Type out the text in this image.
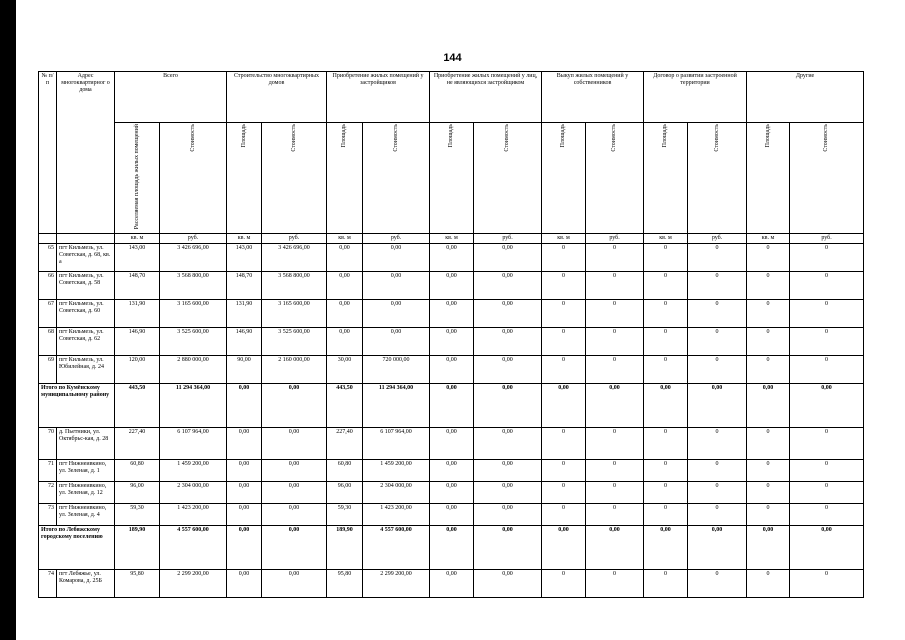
144
№ п/п	Адрес многоквартирног о дома	Всего		Строительство многоквартирных домов		Приобретение жилых помещений у застройщиков		Приобретение жилых помещений у лиц, не являющихся застройщиком		Выкуп жилых помещений у собственников		Договор о развитии застроенной территории		Другие	
		Расселяемая площадь жилых помещений	Стоимость	Площадь	Стоимость	Площадь	Стоимость	Площадь	Стоимость	Площадь	Стоимость	Площадь	Стоимость	Площадь	Стоимость
		кв. м	руб.	кв. м	руб.	кв. м	руб.	кв. м	руб.	кв. м	руб.	кв. м	руб.	кв. м	руб.
65	пгт Кильмезь, ул. Советская, д. 68, кв. а	143,00	3 426 696,00	143,00	3 426 696,00	0,00	0,00	0,00	0,00	0	0	0	0	0	0
66	пгт Кильмезь, ул. Советская, д. 58	148,70	3 568 800,00	148,70	3 568 800,00	0,00	0,00	0,00	0,00	0	0	0	0	0	0
67	пгт Кильмезь, ул. Советская, д. 60	131,90	3 165 600,00	131,90	3 165 600,00	0,00	0,00	0,00	0,00	0	0	0	0	0	0
68	пгт Кильмезь, ул. Советская, д. 62	146,90	3 525 600,00	146,90	3 525 600,00	0,00	0,00	0,00	0,00	0	0	0	0	0	0
69	пгт Кильмезь, ул. Юбилейная, д. 24	120,00	2 880 000,00	90,00	2 160 000,00	30,00	720 000,00	0,00	0,00	0	0	0	0	0	0
Итого по Кумёнскому муниципальному району		443,50	11 294 364,00	0,00	0,00	443,50	11 294 364,00	0,00	0,00	0,00	0,00	0,00	0,00	0,00	0,00
70	д. Пьетники, ул. Октябрьс-кая, д. 28	227,40	6 107 964,00	0,00	0,00	227,40	6 107 964,00	0,00	0,00	0	0	0	0	0	0
71	пгт Нижнеивкино, ул. Зеленая, д. 1	60,80	1 459 200,00	0,00	0,00	60,80	1 459 200,00	0,00	0,00	0	0	0	0	0	0
72	пгт Нижнеивкино, ул. Зеленая, д. 12	96,00	2 304 000,00	0,00	0,00	96,00	2 304 000,00	0,00	0,00	0	0	0	0	0	0
73	пгт Нижнеивкино, ул. Зеленая, д. 4	59,30	1 423 200,00	0,00	0,00	59,30	1 423 200,00	0,00	0,00	0	0	0	0	0	0
Итого по Лебяжскому городскому поселению		189,90	4 557 600,00	0,00	0,00	189,90	4 557 600,00	0,00	0,00	0,00	0,00	0,00	0,00	0,00	0,00
74	пгт Лебяжье, ул. Комарова, д. 25Б	95,80	2 299 200,00	0,00	0,00	95,80	2 299 200,00	0,00	0,00	0	0	0	0	0	0
